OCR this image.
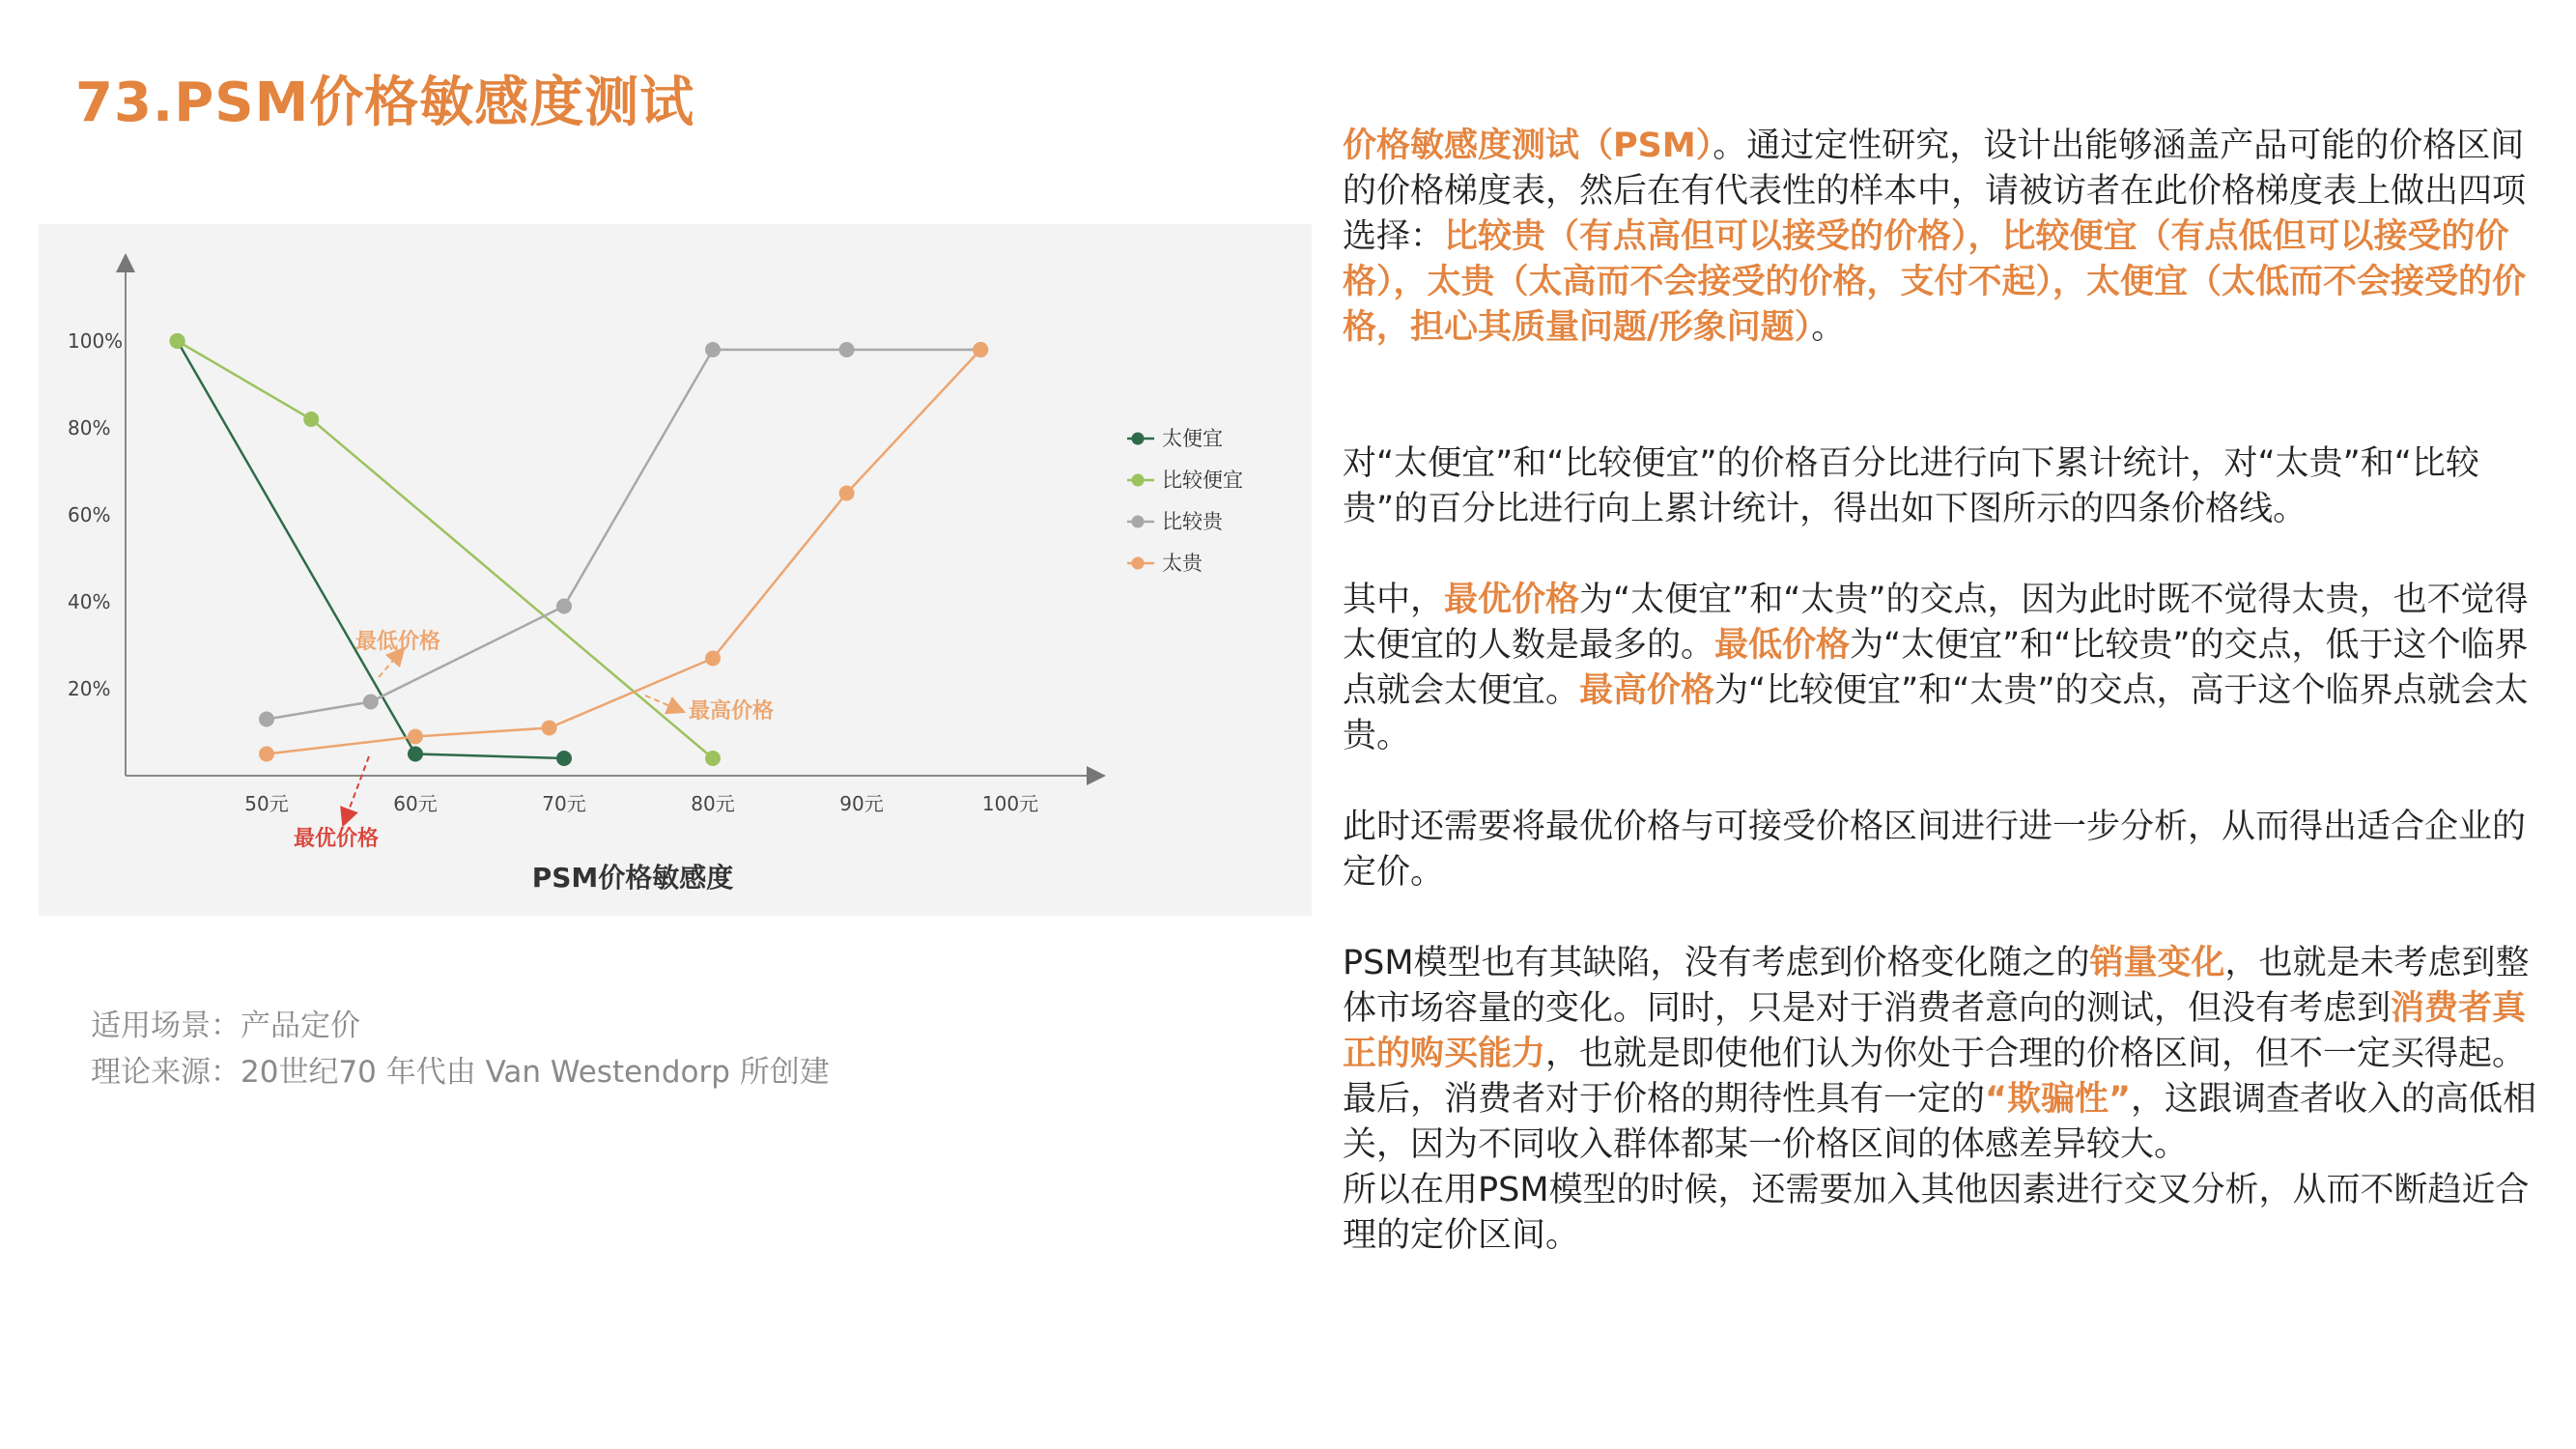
73.PSM价格敏感度测试
100%
80%
60%
40%
20%
50元	60元	70元	80元	90元	100元
太便宜
比较便宜
比较贵
太贵
最低价格
最高价格
最优价格
PSM价格敏感度
适用场景：产品定价
理论来源：20世纪70 年代由 Van Westendorp 所创建

价格敏感度测试（PSM）。通过定性研究，设计出能够涵盖产品可能的价格区间的价格梯度表，然后在有代表性的样本中，请被访者在此价格梯度表上做出四项选择：比较贵（有点高但可以接受的价格），比较便宜（有点低但可以接受的价格），太贵（太高而不会接受的价格，支付不起），太便宜（太低而不会接受的价格，担心其质量问题/形象问题）。

对“太便宜”和“比较便宜”的价格百分比进行向下累计统计，对“太贵”和“比较贵”的百分比进行向上累计统计，得出如下图所示的四条价格线。

其中，最优价格为“太便宜”和“太贵”的交点，因为此时既不觉得太贵，也不觉得太便宜的人数是最多的。最低价格为“太便宜”和“比较贵”的交点，低于这个临界点就会太便宜。最高价格为“比较便宜”和“太贵”的交点，高于这个临界点就会太贵。

此时还需要将最优价格与可接受价格区间进行进一步分析，从而得出适合企业的定价。

PSM模型也有其缺陷，没有考虑到价格变化随之的销量变化，也就是未考虑到整体市场容量的变化。同时，只是对于消费者意向的测试，但没有考虑到消费者真正的购买能力，也就是即使他们认为你处于合理的价格区间，但不一定买得起。最后，消费者对于价格的期待性具有一定的“欺骗性”，这跟调查者收入的高低相关，因为不同收入群体都某一价格区间的体感差异较大。

所以在用PSM模型的时候，还需要加入其他因素进行交叉分析，从而不断趋近合理的定价区间。
